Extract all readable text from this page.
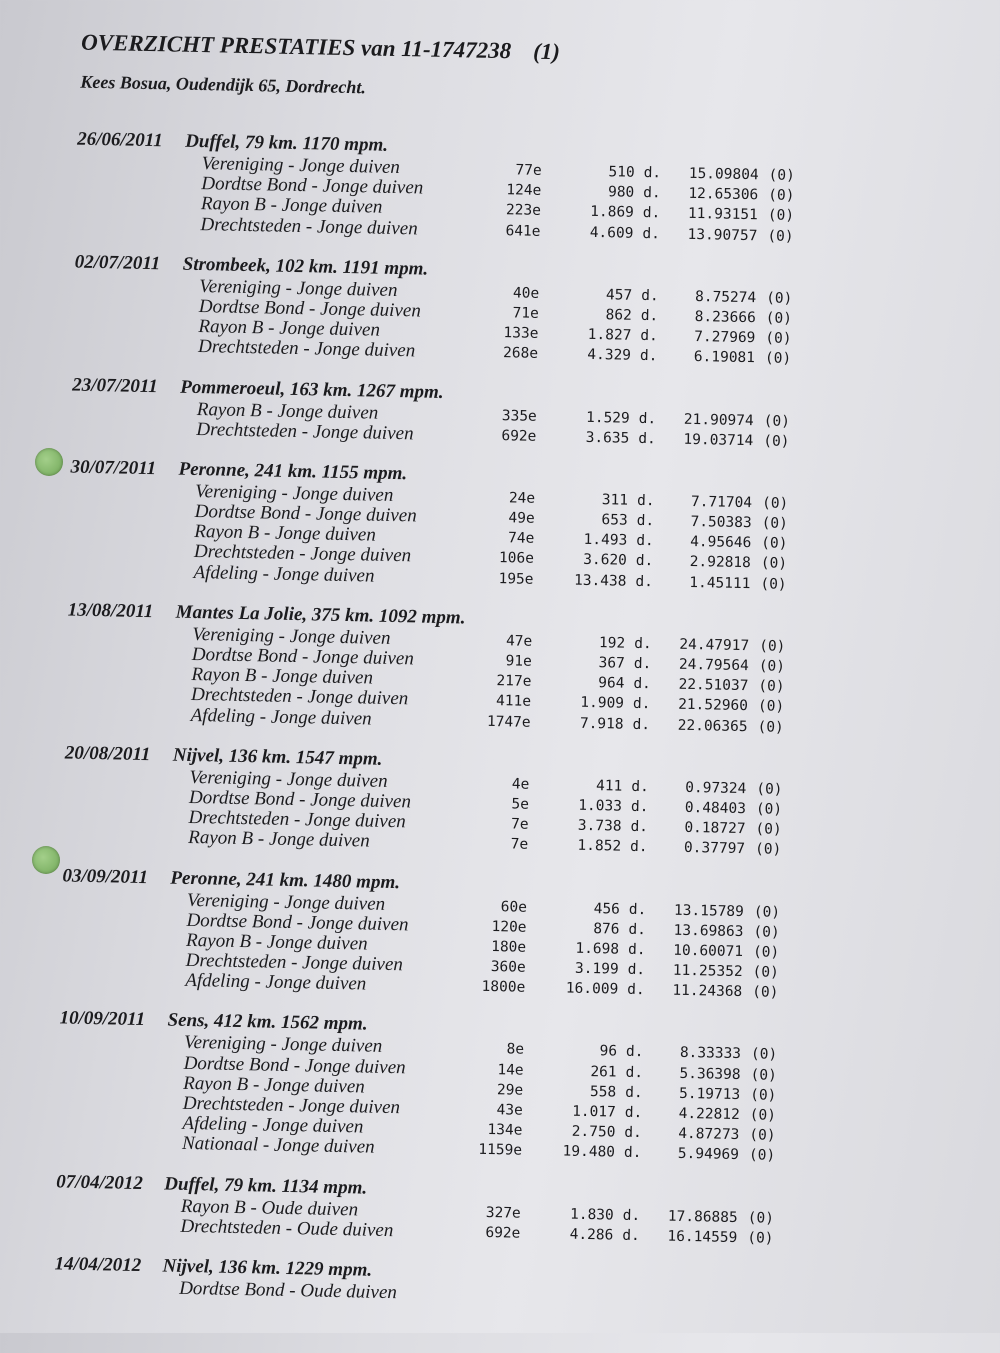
OVERZICHT PRESTATIES van 11-1747238 (1)
Kees Bosua, Oudendijk 65, Dordrecht.
26/06/2011 Duffel, 79 km. 1170 mpm.
Vereniging - Jonge duiven	77e	510 d. 15.09804 (0)
Dordtse Bond - Jonge duiven	124e	980 d. 12.65306 (0)
Rayon B - Jonge duiven	223e	1.869 d. 11.93151 (0)
Drechtsteden - Jonge duiven	641e	4.609 d. 13.90757 (0)
02/07/2011 Strombeek, 102 km. 1191 mpm.
Vereniging - Jonge duiven	40e	457 d. 8.75274 (0)
Dordtse Bond - Jonge duiven	71e	862 d. 8.23666 (0)
Rayon B - Jonge duiven	133e	1.827 d. 7.27969 (0)
Drechtsteden - Jonge duiven	268e	4.329 d. 6.19081 (0)
23/07/2011 Pommeroeul, 163 km. 1267 mpm.
Rayon B - Jonge duiven	335e	1.529 d. 21.90974 (0)
Drechtsteden - Jonge duiven	692e	3.635 d. 19.03714 (0)
30/07/2011 Peronne, 241 km. 1155 mpm.
Vereniging - Jonge duiven	24e	311 d. 7.71704 (0)
Dordtse Bond - Jonge duiven	49e	653 d. 7.50383 (0)
Rayon B - Jonge duiven	74e	1.493 d. 4.95646 (0)
Drechtsteden - Jonge duiven	106e	3.620 d. 2.92818 (0)
Afdeling - Jonge duiven	195e	13.438 d. 1.45111 (0)
13/08/2011 Mantes La Jolie, 375 km. 1092 mpm.
Vereniging - Jonge duiven	47e	192 d. 24.47917 (0)
Dordtse Bond - Jonge duiven	91e	367 d. 24.79564 (0)
Rayon B - Jonge duiven	217e	964 d. 22.51037 (0)
Drechtsteden - Jonge duiven	411e	1.909 d. 21.52960 (0)
Afdeling - Jonge duiven	1747e	7.918 d. 22.06365 (0)
20/08/2011 Nijvel, 136 km. 1547 mpm.
Vereniging - Jonge duiven	4e	411 d. 0.97324 (0)
Dordtse Bond - Jonge duiven	5e	1.033 d. 0.48403 (0)
Drechtsteden - Jonge duiven	7e	3.738 d. 0.18727 (0)
Rayon B - Jonge duiven	7e	1.852 d. 0.37797 (0)
03/09/2011 Peronne, 241 km. 1480 mpm.
Vereniging - Jonge duiven	60e	456 d. 13.15789 (0)
Dordtse Bond - Jonge duiven	120e	876 d. 13.69863 (0)
Rayon B - Jonge duiven	180e	1.698 d. 10.60071 (0)
Drechtsteden - Jonge duiven	360e	3.199 d. 11.25352 (0)
Afdeling - Jonge duiven	1800e	16.009 d. 11.24368 (0)
10/09/2011 Sens, 412 km. 1562 mpm.
Vereniging - Jonge duiven	8e	96 d. 8.33333 (0)
Dordtse Bond - Jonge duiven	14e	261 d. 5.36398 (0)
Rayon B - Jonge duiven	29e	558 d. 5.19713 (0)
Drechtsteden - Jonge duiven	43e	1.017 d. 4.22812 (0)
Afdeling - Jonge duiven	134e	2.750 d. 4.87273 (0)
Nationaal - Jonge duiven	1159e	19.480 d. 5.94969 (0)
07/04/2012 Duffel, 79 km. 1134 mpm.
Rayon B - Oude duiven	327e	1.830 d. 17.86885 (0)
Drechtsteden - Oude duiven	692e	4.286 d. 16.14559 (0)
14/04/2012 Nijvel, 136 km. 1229 mpm.
Dordtse Bond - Oude duiven
